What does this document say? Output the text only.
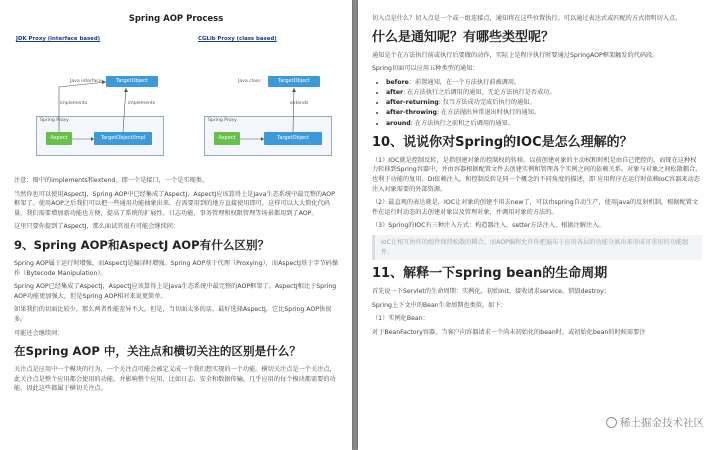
Spring AOP Process
JDK Proxy (interface based)
Java interface	TargetObject
implements	implements
Spring Proxy
Aspect	TargetObject/Impl
CGLib Proxy (class based)
Java class	TargetObject
extends
Spring Proxy
Aspect	TargetObject

注意：图中的implements和extend。即一个是接口，一个是实现类。

当然你也可以使用AspectJ，Spring AOP中已经集成了AspectJ，AspectJ应该算得上是Java生态系统中最完整的AOP框架了。使用AOP之后我们可以把一些通用功能抽象出来，在需要用到的地方直接使用即可，这样可以大大简化代码量。我们需要增加新功能也方便，提高了系统的扩展性。日志功能、事务管理和权限管理等场景都用到了AOP。

这里只要你提到了AspectJ，那么面试官很有可能会继续问：

9、Spring AOP和AspectJ AOP有什么区别？

Spring AOP属于运行时增强，而AspectJ是编译时增强。Spring AOP基于代理（Proxying），而AspectJ基于字节码操作（Bytecode Manipulation）。

Spring AOP已经集成了AspectJ，AspectJ应该算得上是Java生态系统中最完整的AOP框架了。AspectJ相比于Spring AOP功能更加强大，但是Spring AOP相对来说更简单。

如果我们的切面比较少，那么两者性能差异不大。但是，当切面太多的话，最好选择AspectJ，它比Spring AOP快很多。

可能还会继续问：

在Spring AOP 中，关注点和横切关注的区别是什么？

关注点是应用中一个模块的行为，一个关注点可能会被定义成一个我们想实现的一个功能。横切关注点是一个关注点，此关注点是整个应用都会使用的功能，并影响整个应用，比如日志，安全和数据传输，几乎应用的每个模块都需要的功能。因此这些都属于横切关注点。

切入点是什么？切入点是一个或一组连接点，通知将在这些位置执行。可以通过表达式或匹配的方式指明切入点。

什么是通知呢？有哪些类型呢？

通知是个在方法执行前或执行后要做的动作，实际上是程序执行时要通过SpringAOP框架触发的代码段。

Spring切面可以应用五种类型的通知：

• before：前置通知，在一个方法执行前被调用。
• after: 在方法执行之后调用的通知，无论方法执行是否成功。
• after-returning: 仅当方法成功完成后执行的通知。
• after-throwing: 在方法抛出异常退出时执行的通知。
• around: 在方法执行之前和之后调用的通知。
10、说说你对Spring的IOC是怎么理解的？

（1）IOC就是控制反转，是指创建对象的控制权的转移。以前创建对象的主动权和时机是由自己把控的，而现在这种权力转移到Spring容器中，并由容器根据配置文件去创建实例和管理各个实例之间的依赖关系。对象与对象之间松散耦合，也利于功能的复用。DI依赖注入，和控制反转是同一个概念的不同角度的描述，即 应用程序在运行时依赖IoC容器来动态注入对象需要的外部资源。

（2）最直观的表达就是，IOC让对象的创建不用去new了，可以由spring自动生产，使用java的反射机制，根据配置文件在运行时动态的去创建对象以及管理对象，并调用对象的方法的。

（3）Spring的IOC有三种注入方式：构造器注入、setter方法注入、根据注解注入。

IoC让相互协作的组件保持松散的耦合，而AOP编程允许你把遍布于应用各层的功能分离出来形成可重用的功能组件。

11、解释一下spring bean的生命周期

首先说一下Servlet的生命周期：实例化，初始init，接收请求service，销毁destroy；

Spring上下文中的Bean生命周期也类似，如下：

（1）实例化Bean：

对于BeanFactory容器，当客户向容器请求一个尚未初始化的bean时，或初始化bean的时候需要注

稀土掘金技术社区
